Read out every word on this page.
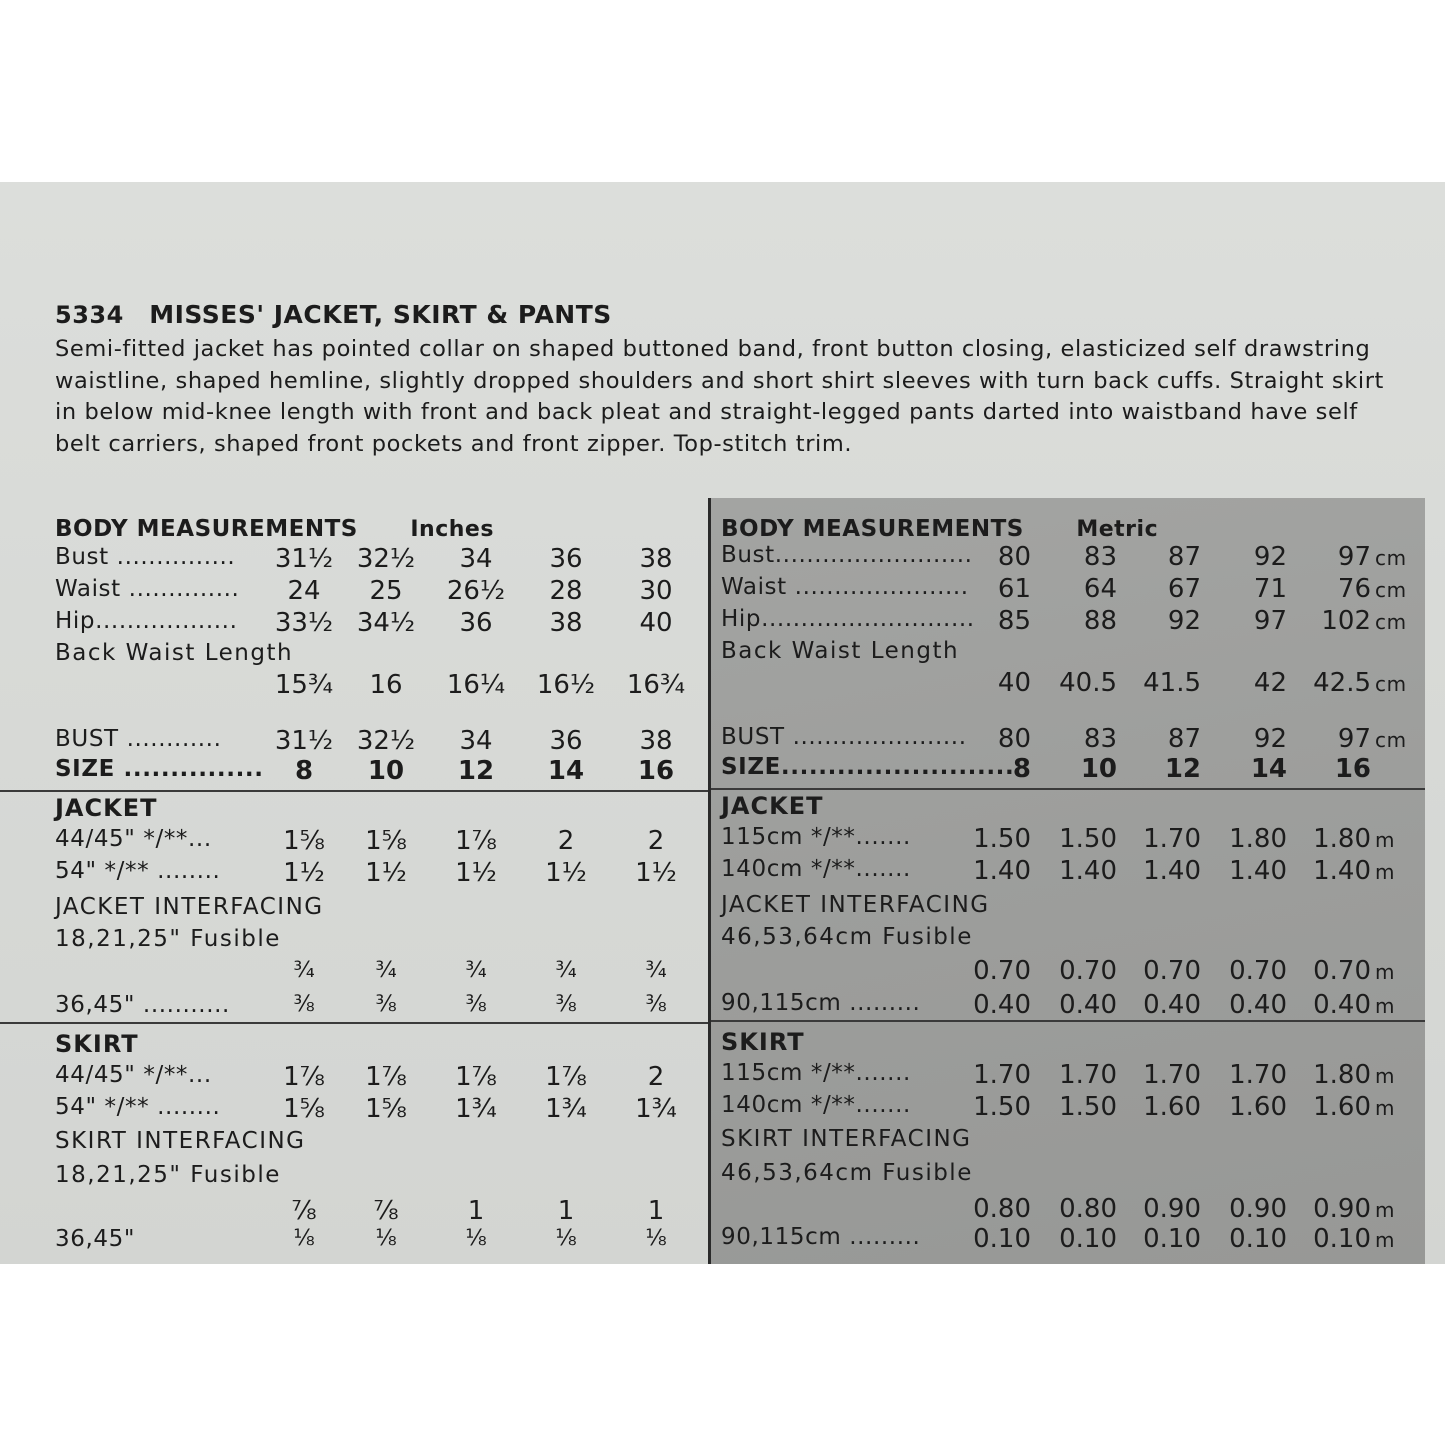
5334 MISSES' JACKET, SKIRT & PANTS

Semi-fitted jacket has pointed collar on shaped buttoned band, front button closing, elasticized self drawstring waistline, shaped hemline, slightly dropped shoulders and short shirt sleeves with turn back cuffs. Straight skirt in below mid-knee length with front and back pleat and straight-legged pants darted into waistband have self belt carriers, shaped front pockets and front zipper. Top-stitch trim.

BODY MEASUREMENTS Inches
Bust ...............	31½ 32½	34	36	38
Waist ..............	24	25	26½	28	30
Hip..................	33½ 34½	36	38	40
Back Waist Length
15¾	16	16¼	16½	16¾
BUST ............	31½ 32½	34	36	38
SIZE ...............	8	10	12	14	16
JACKET
44/45" */**...	1⅝	1⅝	1⅞	2	2
54" */** ........	1½	1½	1½	1½	1½
JACKET INTERFACING
18,21,25" Fusible
¾	¾	¾	¾	¾
36,45" ...........	⅜	⅜	⅜	⅜	⅜
SKIRT
44/45" */**...	1⅞	1⅞	1⅞	1⅞	2
54" */** ........	1⅝	1⅝	1¾	1¾	1¾
SKIRT INTERFACING
18,21,25" Fusible
⅞	⅞	1	1	1
36,45"	⅛	⅛	⅛	⅛	⅛
BODY MEASUREMENTS Metric
Bust......................... 80	83	87	92	97 cm
Waist ......................	61	64	67	71	76 cm
Hip........................... 85	88	92	97	102 cm
Back Waist Length
40	40.5	41.5	42	42.5 cm
BUST ......................	80	83	87	92	97 cm
SIZE.........................
8	10	12	14	16
JACKET
115cm */**.......	1.50	1.50	1.70	1.80	1.80 m
140cm */**.......	1.40	1.40	1.40	1.40	1.40 m
JACKET INTERFACING
46,53,64cm Fusible
0.70	0.70	0.70	0.70	0.70 m
90,115cm .........	0.40	0.40	0.40	0.40	0.40 m
SKIRT
115cm */**.......	1.70	1.70	1.70	1.70	1.80 m
140cm */**.......	1.50	1.50	1.60	1.60	1.60 m
SKIRT INTERFACING
46,53,64cm Fusible
0.80	0.80	0.90	0.90	0.90 m
90,115cm .........	0.10	0.10	0.10	0.10	0.10 m
